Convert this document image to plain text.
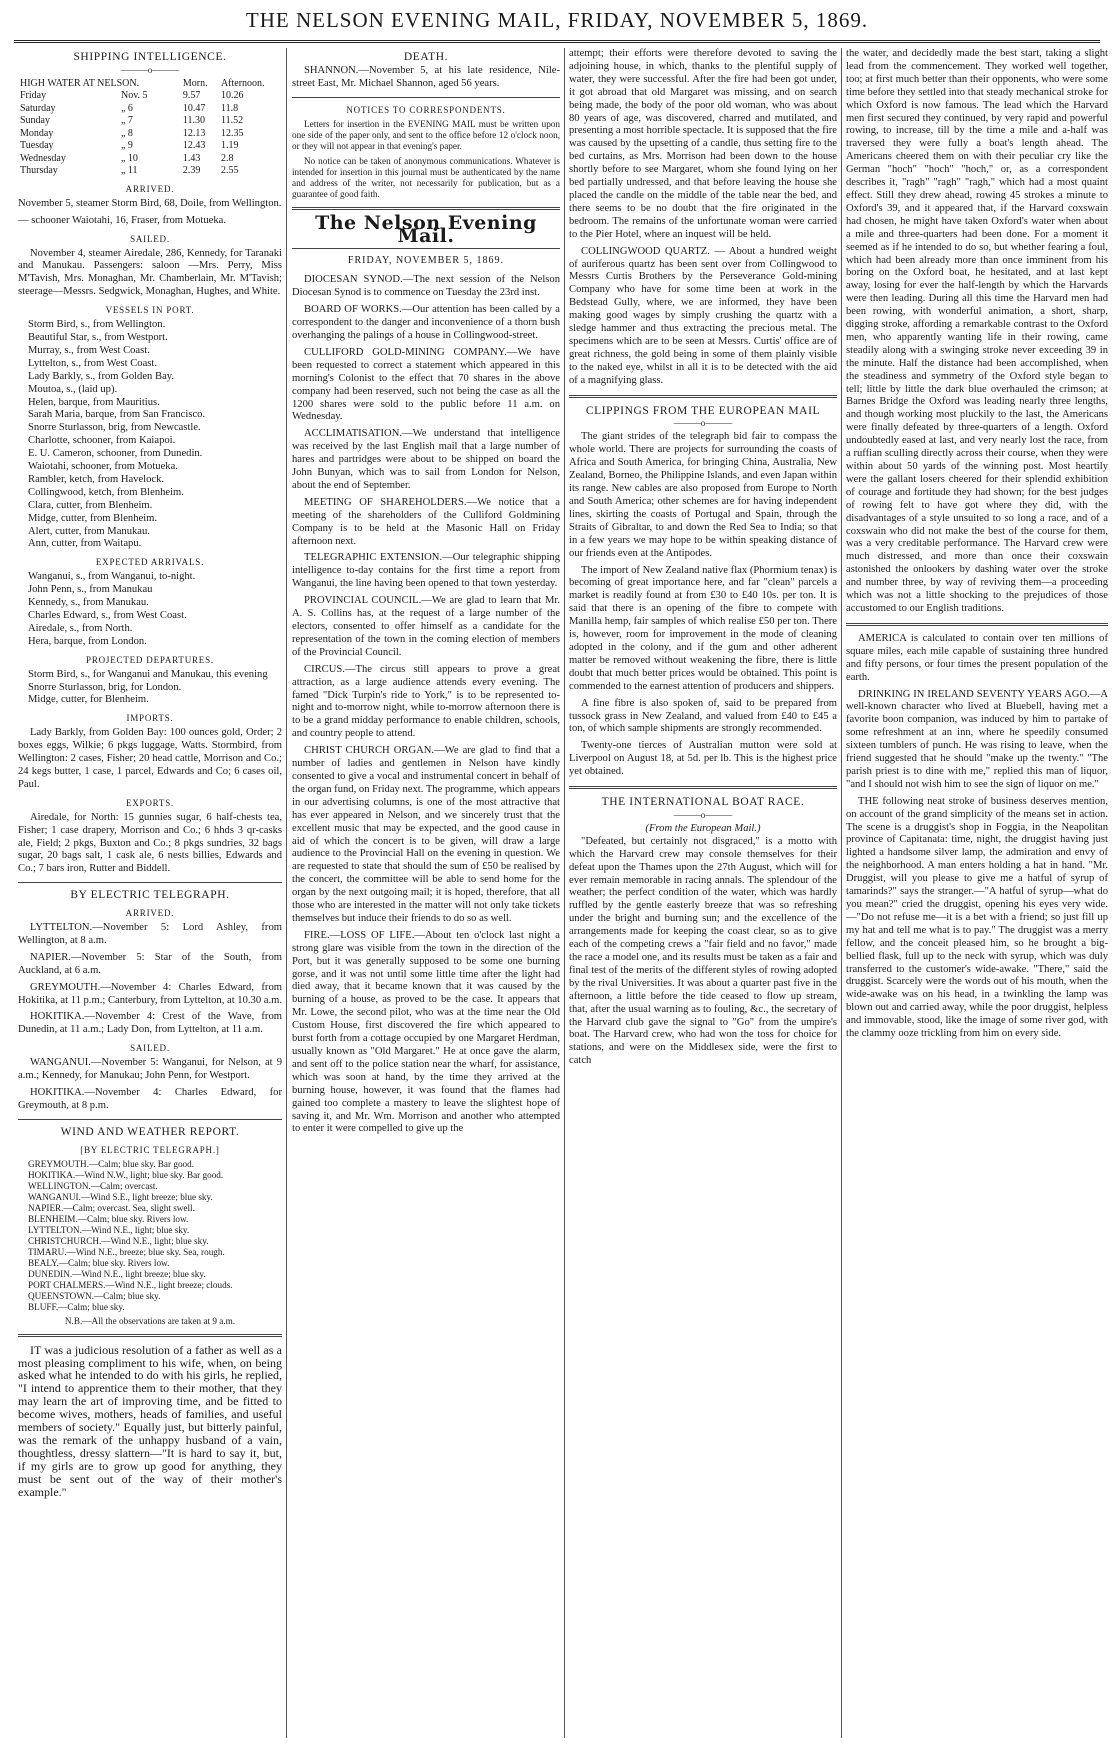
THE NELSON EVENING MAIL, FRIDAY, NOVEMBER 5, 1869.
SHIPPING INTELLIGENCE.
———o———
HIGH WATER AT NELSON.		Morn.	Afternoon.
Friday	Nov. 5	9.57	10.26
Saturday	„ 6	10.47	11.8
Sunday	„ 7	11.30	11.52
Monday	„ 8	12.13	12.35
Tuesday	„ 9	12.43	1.19
Wednesday	„ 10	1.43	2.8
Thursday	„ 11	2.39	2.55
ARRIVED.

November 5, steamer Storm Bird, 68, Doile, from Wellington.

— schooner Waiotahi, 16, Fraser, from Motueka.

SAILED.

November 4, steamer Airedale, 286, Kennedy, for Taranaki and Manukau. Passengers: saloon —Mrs. Perry, Miss M'Tavish, Mrs. Monaghan, Mr. Chamberlain, Mr. M'Tavish; steerage—Messrs. Sedgwick, Monaghan, Hughes, and White.

VESSELS IN PORT.
Storm Bird, s., from Wellington.
Beautiful Star, s., from Westport.
Murray, s., from West Coast.
Lyttelton, s., from West Coast.
Lady Barkly, s., from Golden Bay.
Moutoa, s., (laid up).
Helen, barque, from Mauritius.
Sarah Maria, barque, from San Francisco.
Snorre Sturlasson, brig, from Newcastle.
Charlotte, schooner, from Kaiapoi.
E. U. Cameron, schooner, from Dunedin.
Waiotahi, schooner, from Motueka.
Rambler, ketch, from Havelock.
Collingwood, ketch, from Blenheim.
Clara, cutter, from Blenheim.
Midge, cutter, from Blenheim.
Alert, cutter, from Manukau.
Ann, cutter, from Waitapu.
EXPECTED ARRIVALS.
Wanganui, s., from Wanganui, to-night.
John Penn, s., from Manukau
Kennedy, s., from Manukau.
Charles Edward, s., from West Coast.
Airedale, s., from North.
Hera, barque, from London.
PROJECTED DEPARTURES.
Storm Bird, s., for Wanganui and Manukau, this evening
Snorre Sturlasson, brig, for London.
Midge, cutter, for Blenheim.
IMPORTS.

Lady Barkly, from Golden Bay: 100 ounces gold, Order; 2 boxes eggs, Wilkie; 6 pkgs luggage, Watts. Stormbird, from Wellington: 2 cases, Fisher; 20 head cattle, Morrison and Co.; 24 kegs butter, 1 case, 1 parcel, Edwards and Co; 6 cases oil, Paul.

EXPORTS.

Airedale, for North: 15 gunnies sugar, 6 half-chests tea, Fisher; 1 case drapery, Morrison and Co.; 6 hhds 3 qr-casks ale, Field; 2 pkgs, Buxton and Co.; 8 pkgs sundries, 32 bags sugar, 20 bags salt, 1 cask ale, 6 nests billies, Edwards and Co.; 7 bars iron, Rutter and Biddell.

BY ELECTRIC TELEGRAPH.
ARRIVED.

LYTTELTON.—November 5: Lord Ashley, from Wellington, at 8 a.m.

NAPIER.—November 5: Star of the South, from Auckland, at 6 a.m.

GREYMOUTH.—November 4: Charles Edward, from Hokitika, at 11 p.m.; Canterbury, from Lyttelton, at 10.30 a.m.

HOKITIKA.—November 4: Crest of the Wave, from Dunedin, at 11 a.m.; Lady Don, from Lyttelton, at 11 a.m.

SAILED.

WANGANUI.—November 5: Wanganui, for Nelson, at 9 a.m.; Kennedy, for Manukau; John Penn, for Westport.

HOKITIKA.—November 4: Charles Edward, for Greymouth, at 8 p.m.

WIND AND WEATHER REPORT.
[BY ELECTRIC TELEGRAPH.]
GREYMOUTH.—Calm; blue sky. Bar good.
HOKITIKA.—Wind N.W., light; blue sky. Bar good.
WELLINGTON.—Calm; overcast.
WANGANUI.—Wind S.E., light breeze; blue sky.
NAPIER.—Calm; overcast. Sea, slight swell.
BLENHEIM.—Calm; blue sky. Rivers low.
LYTTELTON.—Wind N.E., light; blue sky.
CHRISTCHURCH.—Wind N.E., light; blue sky.
TIMARU.—Wind N.E., breeze; blue sky. Sea, rough.
BEALY.—Calm; blue sky. Rivers low.
DUNEDIN.—Wind N.E., light breeze; blue sky.
PORT CHALMERS.—Wind N.E., light breeze; clouds.
QUEENSTOWN.—Calm; blue sky.
BLUFF.—Calm; blue sky.
N.B.—All the observations are taken at 9 a.m.

IT was a judicious resolution of a father as well as a most pleasing compliment to his wife, when, on being asked what he intended to do with his girls, he replied, "I intend to apprentice them to their mother, that they may learn the art of improving time, and be fitted to become wives, mothers, heads of families, and useful members of society." Equally just, but bitterly painful, was the remark of the unhappy husband of a vain, thoughtless, dressy slattern—"It is hard to say it, but, if my girls are to grow up good for anything, they must be sent out of the way of their mother's example."

DEATH.

SHANNON.—November 5, at his late residence, Nile-street East, Mr. Michael Shannon, aged 56 years.

NOTICES TO CORRESPONDENTS.

Letters for insertion in the EVENING MAIL must be written upon one side of the paper only, and sent to the office before 12 o'clock noon, or they will not appear in that evening's paper.

No notice can be taken of anonymous communications. Whatever is intended for insertion in this journal must be authenticated by the name and address of the writer, not necessarily for publication, but as a guarantee of good faith.

The Nelson Evening Mail.
FRIDAY, NOVEMBER 5, 1869.

DIOCESAN SYNOD.—The next session of the Nelson Diocesan Synod is to commence on Tuesday the 23rd inst.

BOARD OF WORKS.—Our attention has been called by a correspondent to the danger and inconvenience of a thorn bush overhanging the palings of a house in Collingwood-street.

CULLIFORD GOLD-MINING COMPANY.—We have been requested to correct a statement which appeared in this morning's Colonist to the effect that 70 shares in the above company had been reserved, such not being the case as all the 1200 shares were sold to the public before 11 a.m. on Wednesday.

ACCLIMATISATION.—We understand that intelligence was received by the last English mail that a large number of hares and partridges were about to be shipped on board the John Bunyan, which was to sail from London for Nelson, about the end of September.

MEETING OF SHAREHOLDERS.—We notice that a meeting of the shareholders of the Culliford Goldmining Company is to be held at the Masonic Hall on Friday afternoon next.

TELEGRAPHIC EXTENSION.—Our telegraphic shipping intelligence to-day contains for the first time a report from Wanganui, the line having been opened to that town yesterday.

PROVINCIAL COUNCIL.—We are glad to learn that Mr. A. S. Collins has, at the request of a large number of the electors, consented to offer himself as a candidate for the representation of the town in the coming election of members of the Provincial Council.

CIRCUS.—The circus still appears to prove a great attraction, as a large audience attends every evening. The famed "Dick Turpin's ride to York," is to be represented to-night and to-morrow night, while to-morrow afternoon there is to be a grand midday performance to enable children, schools, and country people to attend.

CHRIST CHURCH ORGAN.—We are glad to find that a number of ladies and gentlemen in Nelson have kindly consented to give a vocal and instrumental concert in behalf of the organ fund, on Friday next. The programme, which appears in our advertising columns, is one of the most attractive that has ever appeared in Nelson, and we sincerely trust that the excellent music that may be expected, and the good cause in aid of which the concert is to be given, will draw a large audience to the Provincial Hall on the evening in question. We are requested to state that should the sum of £50 be realised by the concert, the committee will be able to send home for the organ by the next outgoing mail; it is hoped, therefore, that all those who are interested in the matter will not only take tickets themselves but induce their friends to do so as well.

FIRE.—LOSS OF LIFE.—About ten o'clock last night a strong glare was visible from the town in the direction of the Port, but it was generally supposed to be some one burning gorse, and it was not until some little time after the light had died away, that it became known that it was caused by the burning of a house, as proved to be the case. It appears that Mr. Lowe, the second pilot, who was at the time near the Old Custom House, first discovered the fire which appeared to burst forth from a cottage occupied by one Margaret Herdman, usually known as "Old Margaret." He at once gave the alarm, and sent off to the police station near the wharf, for assistance, which was soon at hand, by the time they arrived at the burning house, however, it was found that the flames had gained too complete a mastery to leave the slightest hope of saving it, and Mr. Wm. Morrison and another who attempted to enter it were compelled to give up the

attempt; their efforts were therefore devoted to saving the adjoining house, in which, thanks to the plentiful supply of water, they were successful. After the fire had been got under, it got abroad that old Margaret was missing, and on search being made, the body of the poor old woman, who was about 80 years of age, was discovered, charred and mutilated, and presenting a most horrible spectacle. It is supposed that the fire was caused by the upsetting of a candle, thus setting fire to the bed curtains, as Mrs. Morrison had been down to the house shortly before to see Margaret, whom she found lying on her bed partially undressed, and that before leaving the house she placed the candle on the middle of the table near the bed, and there seems to be no doubt that the fire originated in the bedroom. The remains of the unfortunate woman were carried to the Pier Hotel, where an inquest will be held.

COLLINGWOOD QUARTZ. — About a hundred weight of auriferous quartz has been sent over from Collingwood to Messrs Curtis Brothers by the Perseverance Gold-mining Company who have for some time been at work in the Bedstead Gully, where, we are informed, they have been making good wages by simply crushing the quartz with a sledge hammer and thus extracting the precious metal. The specimens which are to be seen at Messrs. Curtis' office are of great richness, the gold being in some of them plainly visible to the naked eye, whilst in all it is to be detected with the aid of a magnifying glass.

CLIPPINGS FROM THE EUROPEAN MAIL
———o———

The giant strides of the telegraph bid fair to compass the whole world. There are projects for surrounding the coasts of Africa and South America, for bringing China, Australia, New Zealand, Borneo, the Philippine Islands, and even Japan within its range. New cables are also proposed from Europe to North and South America; other schemes are for having independent lines, skirting the coasts of Portugal and Spain, through the Straits of Gibraltar, to and down the Red Sea to India; so that in a few years we may hope to be within speaking distance of our friends even at the Antipodes.

The import of New Zealand native flax (Phormium tenax) is becoming of great importance here, and far "clean" parcels a market is readily found at from £30 to £40 10s. per ton. It is said that there is an opening of the fibre to compete with Manilla hemp, fair samples of which realise £50 per ton. There is, however, room for improvement in the mode of cleaning adopted in the colony, and if the gum and other adherent matter be removed without weakening the fibre, there is little doubt that much better prices would be obtained. This point is commended to the earnest attention of producers and shippers.

A fine fibre is also spoken of, said to be prepared from tussock grass in New Zealand, and valued from £40 to £45 a ton, of which sample shipments are strongly recommended.

Twenty-one tierces of Australian mutton were sold at Liverpool on August 18, at 5d. per lb. This is the highest price yet obtained.

THE INTERNATIONAL BOAT RACE.
———o———
(From the European Mail.)

"Defeated, but certainly not disgraced," is a motto with which the Harvard crew may console themselves for their defeat upon the Thames upon the 27th August, which will for ever remain memorable in racing annals. The splendour of the weather; the perfect condition of the water, which was hardly ruffled by the gentle easterly breeze that was so refreshing under the bright and burning sun; and the excellence of the arrangements made for keeping the coast clear, so as to give each of the competing crews a "fair field and no favor," made the race a model one, and its results must be taken as a fair and final test of the merits of the different styles of rowing adopted by the rival Universities. It was about a quarter past five in the afternoon, a little before the tide ceased to flow up stream, that, after the usual warning as to fouling, &c., the secretary of the Harvard club gave the signal to "Go" from the umpire's boat. The Harvard crew, who had won the toss for choice for stations, and were on the Middlesex side, were the first to catch

the water, and decidedly made the best start, taking a slight lead from the commencement. They worked well together, too; at first much better than their opponents, who were some time before they settled into that steady mechanical stroke for which Oxford is now famous. The lead which the Harvard men first secured they continued, by very rapid and powerful rowing, to increase, till by the time a mile and a-half was traversed they were fully a boat's length ahead. The Americans cheered them on with their peculiar cry like the German "hoch" "hoch" "hoch," or, as a correspondent describes it, "ragh" "ragh" "ragh," which had a most quaint effect. Still they drew ahead, rowing 45 strokes a minute to Oxford's 39, and it appeared that, if the Harvard coxswain had chosen, he might have taken Oxford's water when about a mile and three-quarters had been done. For a moment it seemed as if he intended to do so, but whether fearing a foul, which had been already more than once imminent from his boring on the Oxford boat, he hesitated, and at last kept away, losing for ever the half-length by which the Harvards were then leading. During all this time the Harvard men had been rowing, with wonderful animation, a short, sharp, digging stroke, affording a remarkable contrast to the Oxford men, who apparently wanting life in their rowing, came steadily along with a swinging stroke never exceeding 39 in the minute. Half the distance had been accomplished, when the steadiness and symmetry of the Oxford style began to tell; little by little the dark blue overhauled the crimson; at Barnes Bridge the Oxford was leading nearly three lengths, and though working most pluckily to the last, the Americans were finally defeated by three-quarters of a length. Oxford undoubtedly eased at last, and very nearly lost the race, from a ruffian sculling directly across their course, when they were within about 50 yards of the winning post. Most heartily were the gallant losers cheered for their splendid exhibition of courage and fortitude they had shown; for the best judges of rowing felt to have got where they did, with the disadvantages of a style unsuited to so long a race, and of a coxswain who did not make the best of the course for them, was a very creditable performance. The Harvard crew were much distressed, and more than once their coxswain astonished the onlookers by dashing water over the stroke and number three, by way of reviving them—a proceeding which was not a little shocking to the prejudices of those accustomed to our English traditions.

AMERICA is calculated to contain over ten millions of square miles, each mile capable of sustaining three hundred and fifty persons, or four times the present population of the earth.

DRINKING IN IRELAND SEVENTY YEARS AGO.—A well-known character who lived at Bluebell, having met a favorite boon companion, was induced by him to partake of some refreshment at an inn, where he speedily consumed sixteen tumblers of punch. He was rising to leave, when the friend suggested that he should "make up the twenty." "The parish priest is to dine with me," replied this man of liquor, "and I should not wish him to see the sign of liquor on me."

THE following neat stroke of business deserves mention, on account of the grand simplicity of the means set in action. The scene is a druggist's shop in Foggia, in the Neapolitan province of Capitanata: time, night, the druggist having just lighted a handsome silver lamp, the admiration and envy of the neighborhood. A man enters holding a hat in hand. "Mr. Druggist, will you please to give me a hatful of syrup of tamarinds?" says the stranger.—"A hatful of syrup—what do you mean?" cried the druggist, opening his eyes very wide.—"Do not refuse me—it is a bet with a friend; so just fill up my hat and tell me what is to pay." The druggist was a merry fellow, and the conceit pleased him, so he brought a big-bellied flask, full up to the neck with syrup, which was duly transferred to the customer's wide-awake. "There," said the druggist. Scarcely were the words out of his mouth, when the wide-awake was on his head, in a twinkling the lamp was blown out and carried away, while the poor druggist, helpless and immovable, stood, like the image of some river god, with the clammy ooze trickling from him on every side.
